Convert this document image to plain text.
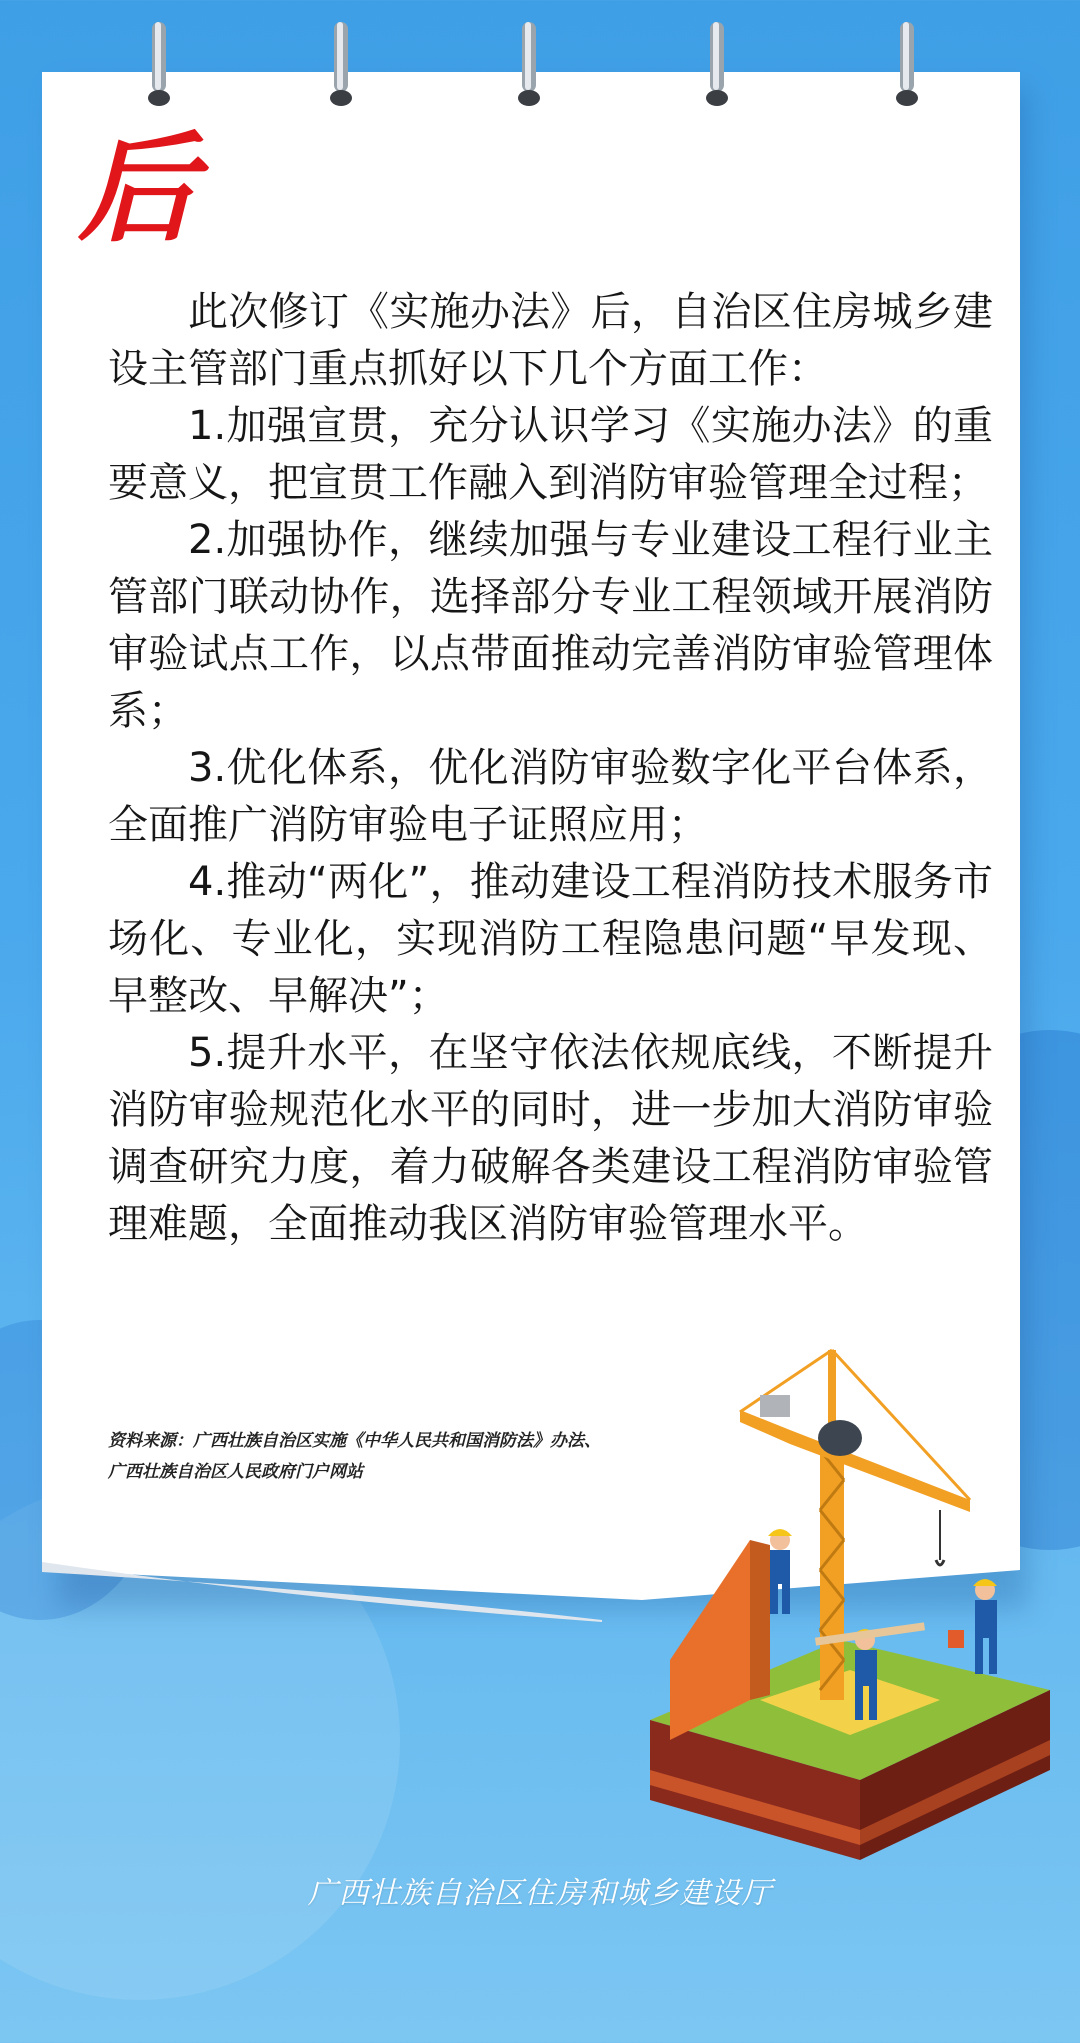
后

此次修订《实施办法》后，自治区住房城乡建设主管部门重点抓好以下几个方面工作：

1.加强宣贯，充分认识学习《实施办法》的重要意义，把宣贯工作融入到消防审验管理全过程；

2.加强协作，继续加强与专业建设工程行业主管部门联动协作，选择部分专业工程领域开展消防审验试点工作，以点带面推动完善消防审验管理体系；

3.优化体系，优化消防审验数字化平台体系，全面推广消防审验电子证照应用；

4.推动“两化”，推动建设工程消防技术服务市场化、专业化，实现消防工程隐患问题“早发现、早整改、早解决”；

5.提升水平，在坚守依法依规底线，不断提升消防审验规范化水平的同时，进一步加大消防审验调查研究力度，着力破解各类建设工程消防审验管理难题，全面推动我区消防审验管理水平。

资料来源：广西壮族自治区实施《中华人民共和国消防法》办法、
广西壮族自治区人民政府门户网站
广西壮族自治区住房和城乡建设厅
